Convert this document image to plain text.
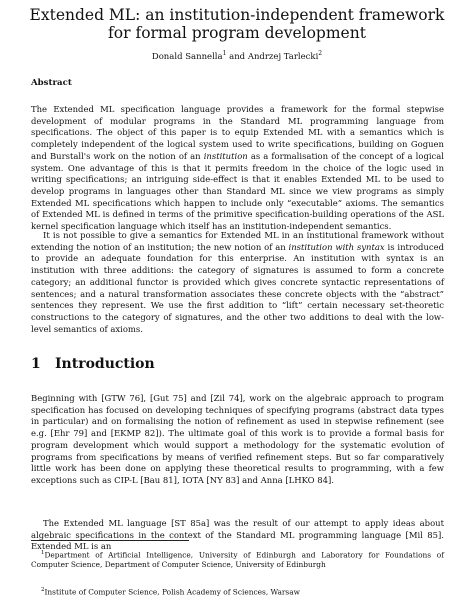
Extended ML: an institution-independent framework
for formal program development
Donald Sannella$^1$ and Andrzej Tarlecki$^2$
Abstract
The Extended ML specification language provides a framework for the formal stepwise development of modular programs in the Standard ML programming language from specifications. The object of this paper is to equip Extended ML with a semantics which is completely independent of the logical system used to write specifications, building on Goguen and Burstall's work on the notion of an institution as a formalisation of the concept of a logical system. One advantage of this is that it permits freedom in the choice of the logic used in writing specifications; an intriguing side-effect is that it enables Extended ML to be used to develop programs in languages other than Standard ML since we view programs as simply Extended ML specifications which happen to include only “executable” axioms. The semantics of Extended ML is defined in terms of the primitive specification-building operations of the ASL kernel specification language which itself has an institution-independent semantics.
It is not possible to give a semantics for Extended ML in an institutional framework without extending the notion of an institution; the new notion of an institution with syntax is introduced to provide an adequate foundation for this enterprise. An institution with syntax is an institution with three additions: the category of signatures is assumed to form a concrete category; an additional functor is provided which gives concrete syntactic representations of sentences; and a natural transformation associates these concrete objects with the “abstract” sentences they represent. We use the first addition to “lift” certain necessary set-theoretic constructions to the category of signatures, and the other two additions to deal with the low-level semantics of axioms.
1 Introduction
Beginning with [GTW 76], [Gut 75] and [Zil 74], work on the algebraic approach to program specification has focused on developing techniques of specifying programs (abstract data types in particular) and on formalising the notion of refinement as used in stepwise refinement (see e.g. [Ehr 79] and [EKMP 82]). The ultimate goal of this work is to provide a formal basis for program development which would support a methodology for the systematic evolution of programs from specifications by means of verified refinement steps. But so far comparatively little work has been done on applying these theoretical results to programming, with a few exceptions such as CIP-L [Bau 81], IOTA [NY 83] and Anna [LHKO 84].
The Extended ML language [ST 85a] was the result of our attempt to apply ideas about algebraic specifications in the context of the Standard ML programming language [Mil 85]. Extended ML is an
$^1$Department of Artificial Intelligence, University of Edinburgh and Laboratory for Foundations of Computer Science, Department of Computer Science, University of Edinburgh
$^2$Institute of Computer Science, Polish Academy of Sciences, Warsaw
